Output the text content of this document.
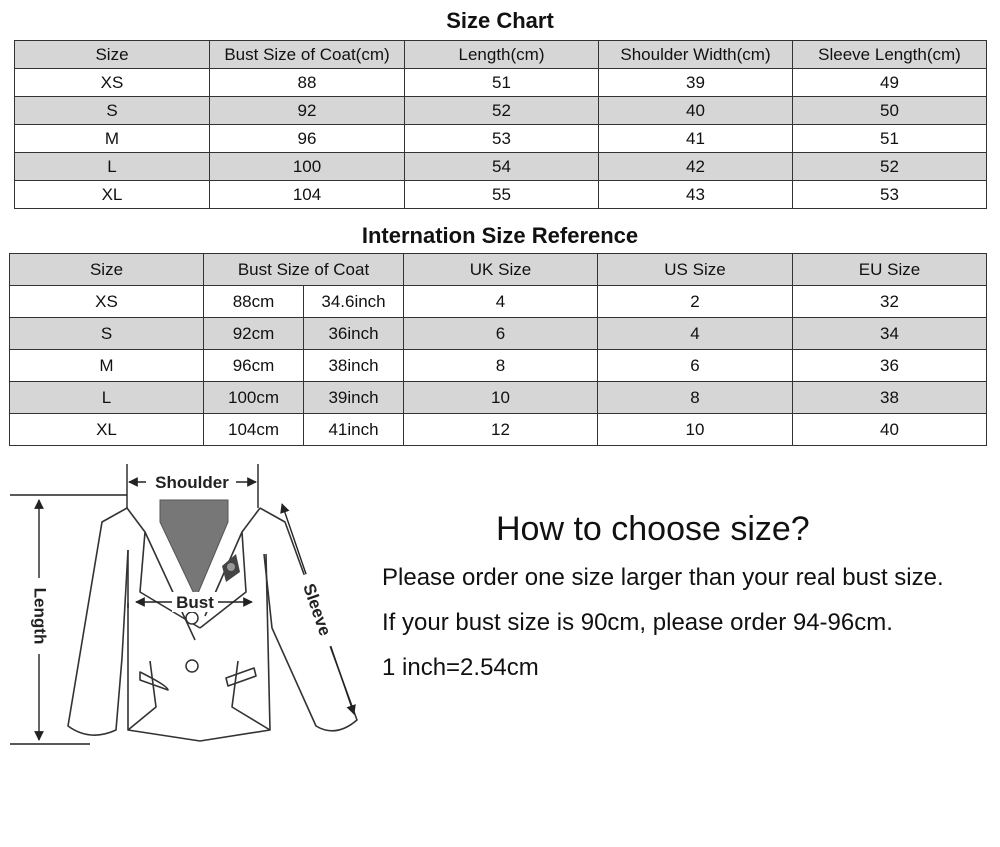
Size Chart
Size	Bust Size of Coat(cm)	Length(cm)	Shoulder Width(cm)	Sleeve Length(cm)
XS	88	51	39	49
S	92	52	40	50
M	96	53	41	51
L	100	54	42	52
XL	104	55	43	53
Internation Size Reference
Size	Bust Size of Coat		UK Size	US Size	EU Size
XS	88cm	34.6inch	4	2	32
S	92cm	36inch	6	4	34
M	96cm	38inch	8	6	36
L	100cm	39inch	10	8	38
XL	104cm	41inch	12	10	40
Shoulder
Bust
Length	Sleeve
How to choose size?

Please order one size larger than your real bust size.

If your bust size is 90cm, please order 94-96cm.

1 inch=2.54cm
